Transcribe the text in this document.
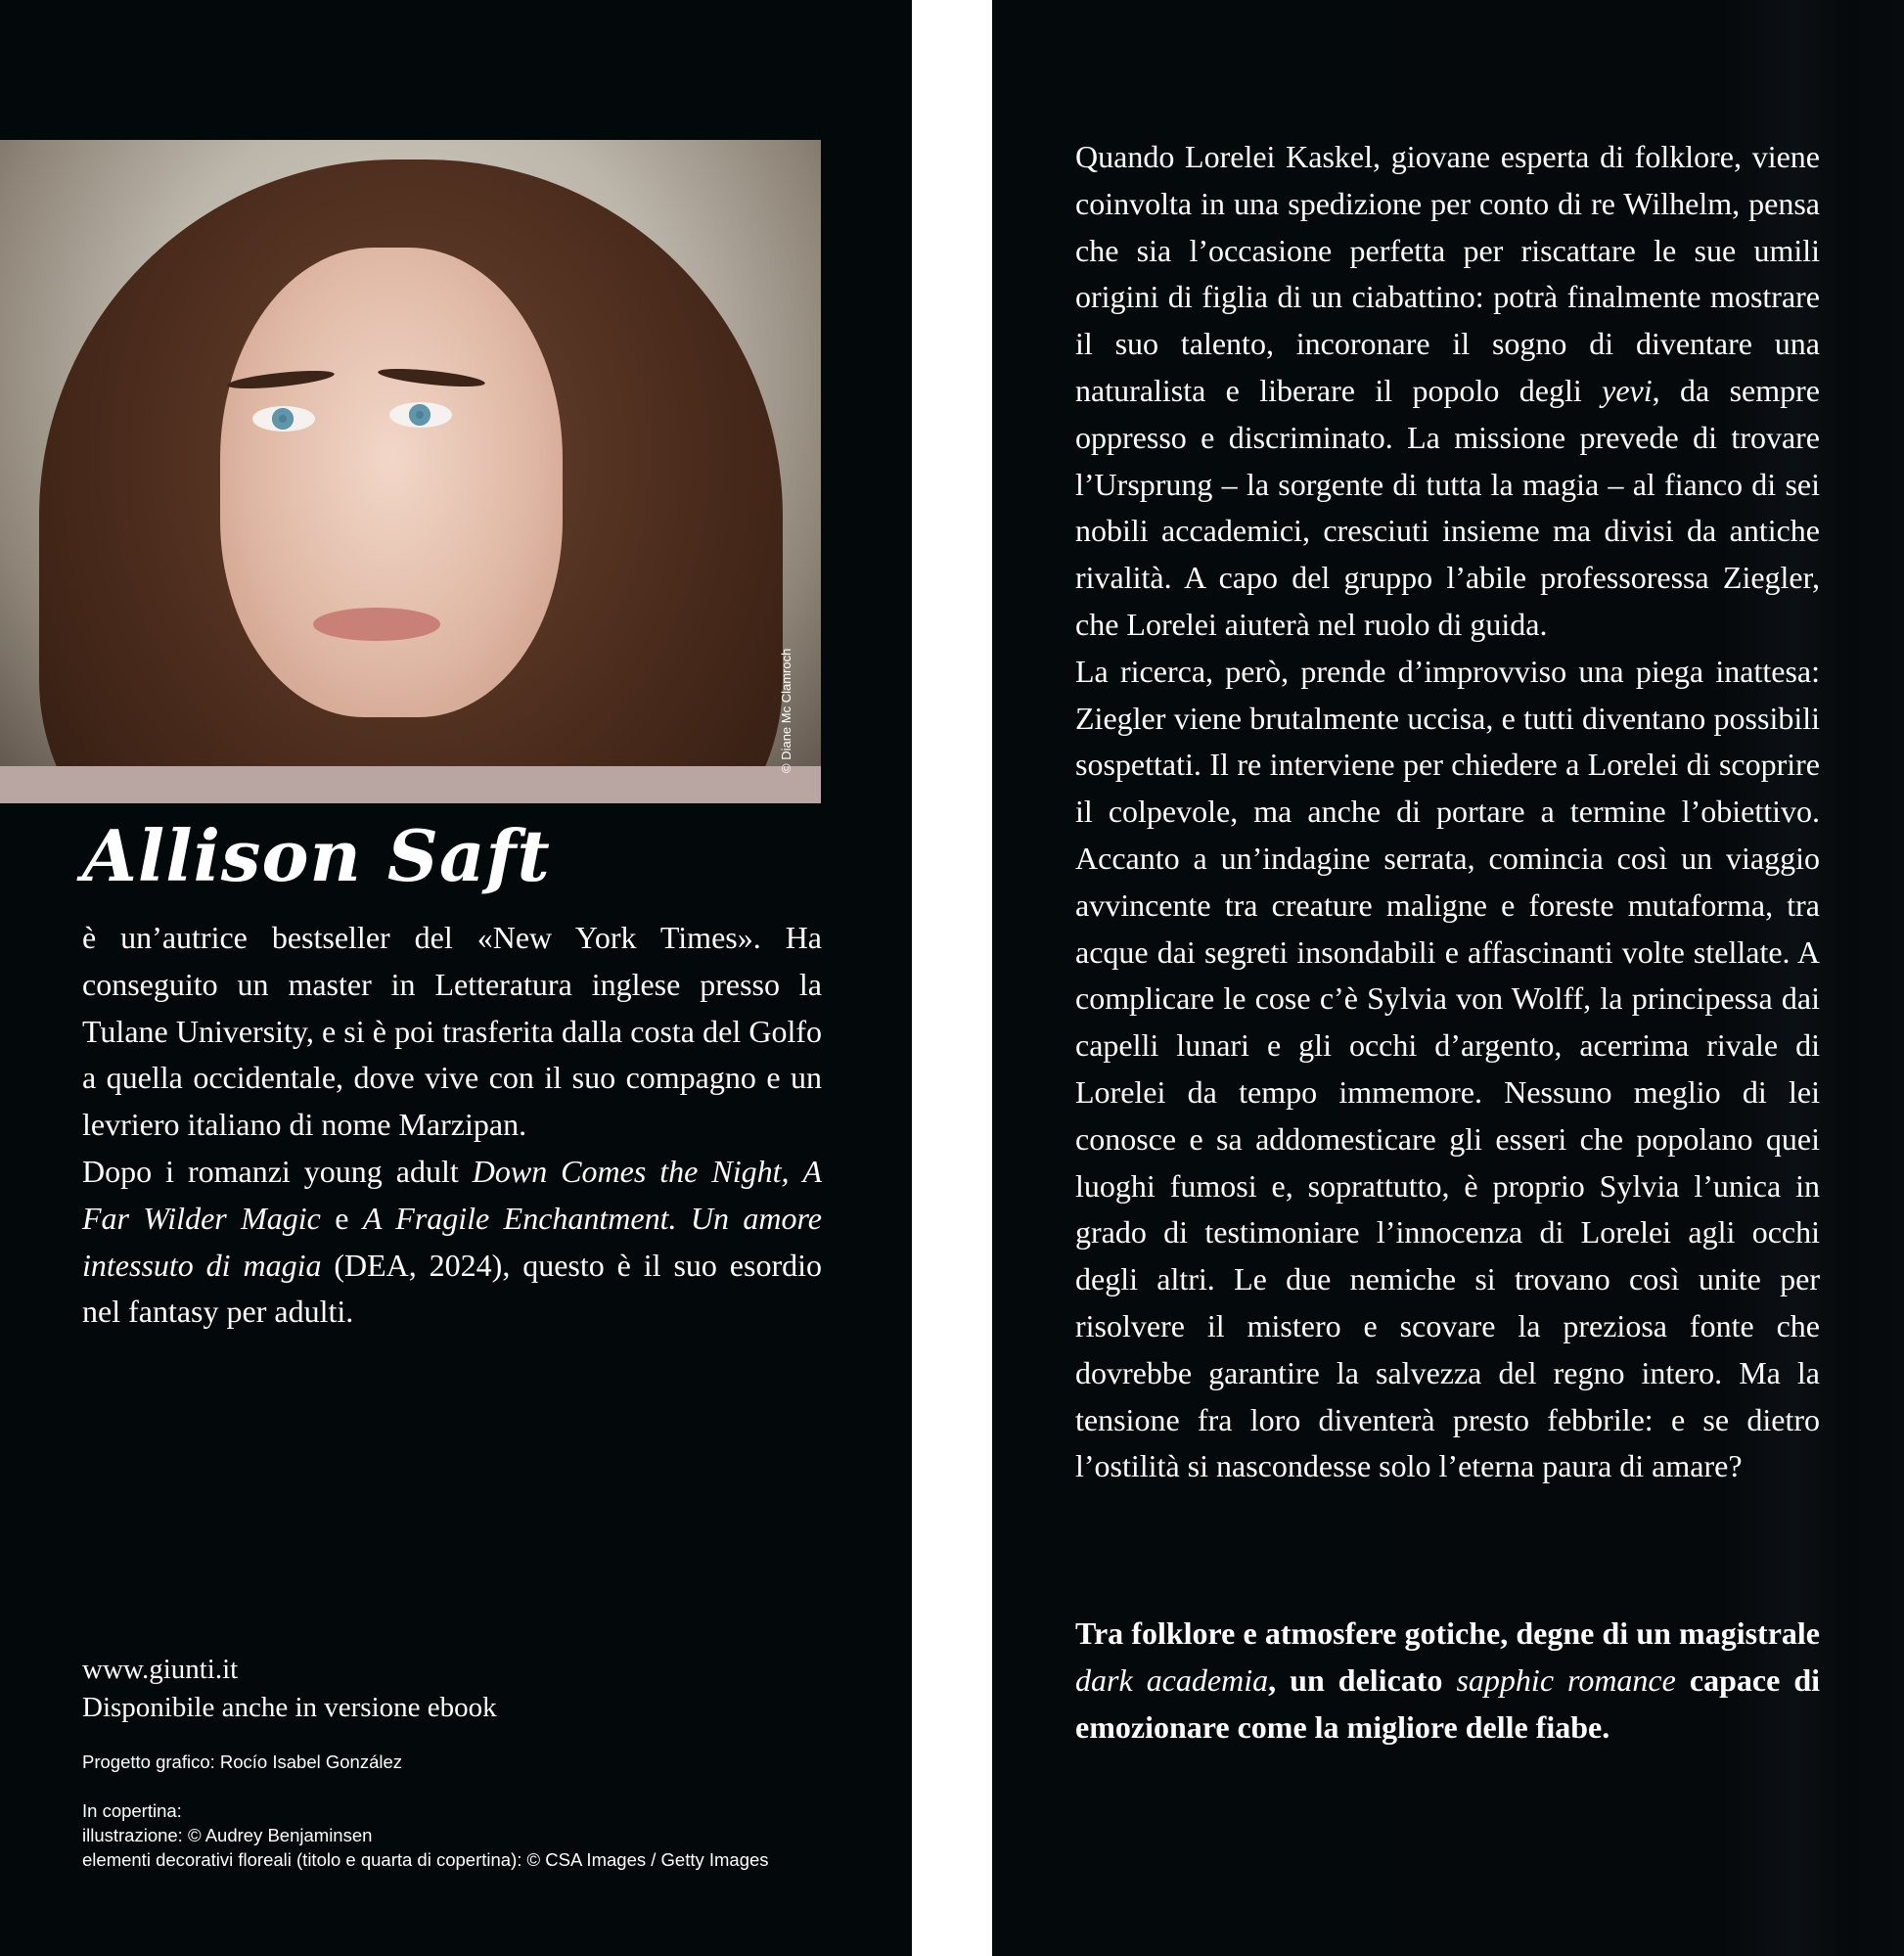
© Diane Mc Clamroch
Allison Saft

è un’autrice bestseller del «New York Times». Ha conseguito un master in Letteratura inglese presso la Tulane University, e si è poi trasferita dalla costa del Golfo a quella occidentale, dove vive con il suo compagno e un levriero italiano di nome Marzipan.

Dopo i romanzi young adult Down Comes the Night, A Far Wilder Magic e A Fragile Enchantment. Un amore intessuto di magia (DEA, 2024), questo è il suo esordio nel fantasy per adulti.

www.giunti.it
Disponibile anche in versione ebook
Progetto grafico: Rocío Isabel González
In copertina:
illustrazione: © Audrey Benjaminsen
elementi decorativi floreali (titolo e quarta di copertina): © CSA Images / Getty Images

Quando Lorelei Kaskel, giovane esperta di folklore, viene coinvolta in una spedizione per conto di re Wilhelm, pensa che sia l’occasione perfetta per riscattare le sue umili origini di figlia di un ciabattino: potrà finalmente mostrare il suo talento, incoronare il sogno di diventare una naturalista e liberare il popolo degli yevi, da sempre oppresso e discriminato. La missione prevede di trovare l’Ursprung – la sorgente di tutta la magia – al fianco di sei nobili accademici, cresciuti insieme ma divisi da antiche rivalità. A capo del gruppo l’abile professoressa Ziegler, che Lorelei aiuterà nel ruolo di guida.

La ricerca, però, prende d’improvviso una piega inattesa: Ziegler viene brutalmente uccisa, e tutti diventano possibili sospettati. Il re interviene per chiedere a Lorelei di scoprire il colpevole, ma anche di portare a termine l’obiettivo. Accanto a un’indagine serrata, comincia così un viaggio avvincente tra creature maligne e foreste mutaforma, tra acque dai segreti insondabili e affascinanti volte stellate. A complicare le cose c’è Sylvia von Wolff, la principessa dai capelli lunari e gli occhi d’argento, acerrima rivale di Lorelei da tempo immemore. Nessuno meglio di lei conosce e sa addomesticare gli esseri che popolano quei luoghi fumosi e, soprattutto, è proprio Sylvia l’unica in grado di testimoniare l’innocenza di Lorelei agli occhi degli altri. Le due nemiche si trovano così unite per risolvere il mistero e scovare la preziosa fonte che dovrebbe garantire la salvezza del regno intero. Ma la tensione fra loro diventerà presto febbrile: e se dietro l’ostilità si nascondesse solo l’eterna paura di amare?

Tra folklore e atmosfere gotiche, degne di un magistrale dark academia, un delicato sapphic romance capace di emozionare come la migliore delle fiabe.
